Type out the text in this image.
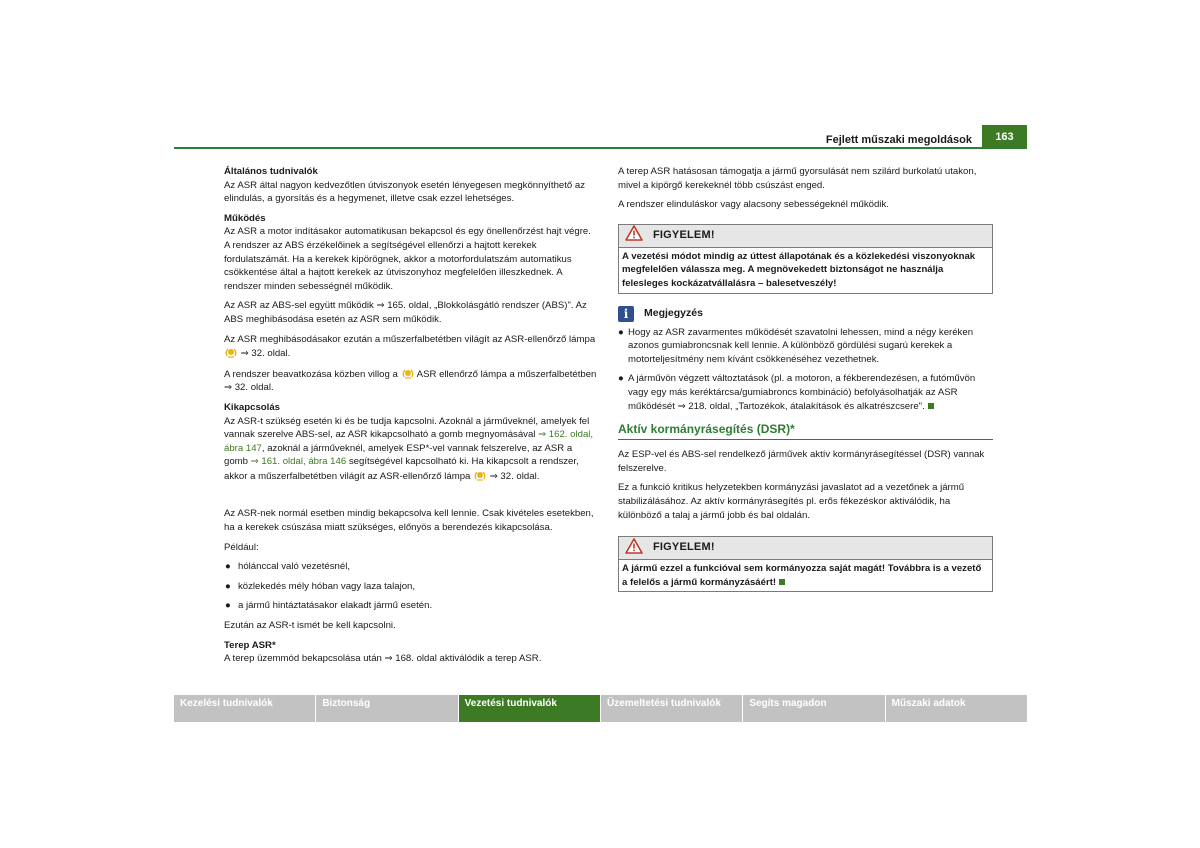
Fejlett műszaki megoldások	163

Általános tudnivalók

Az ASR által nagyon kedvezőtlen útviszonyok esetén lényegesen megkönnyíthető az elindulás, a gyorsítás és a hegymenet, illetve csak ezzel lehetséges.

Működés

Az ASR a motor indításakor automatikusan bekapcsol és egy önellenőrzést hajt végre. A rendszer az ABS érzékelőinek a segítségével ellenőrzi a hajtott kerekek fordulatszámát. Ha a kerekek kipörögnek, akkor a motorfordulatszám automatikus csökkentése által a hajtott kerekek az útviszonyhoz megfelelően illeszkednek. A rendszer minden sebességnél működik.

Az ASR az ABS-sel együtt működik ⇒ 165. oldal, „Blokkolásgátló rendszer (ABS)". Az ABS meghibásodása esetén az ASR sem működik.

Az ASR meghibásodásakor ezután a műszerfalbetétben világít az ASR-ellenőrző lámpa  ⇒ 32. oldal.

A rendszer beavatkozása közben villog a ASR ellenőrző lámpa a műszerfalbetétben ⇒ 32. oldal.

Kikapcsolás

Az ASR-t szükség esetén ki és be tudja kapcsolni. Azoknál a járműveknél, amelyek fel vannak szerelve ABS-sel, az ASR kikapcsolható a gomb megnyomásával ⇒ 162. oldal, ábra 147, azoknál a járműveknél, amelyek ESP*-vel vannak felszerelve, az ASR a gomb ⇒ 161. oldal, ábra 146 segítségével kapcsolható ki. Ha kikapcsolt a rendszer, akkor a műszerfalbetétben világít az ASR-ellenőrző lámpa ⇒ 32. oldal.

Az ASR-nek normál esetben mindig bekapcsolva kell lennie. Csak kivételes esetekben, ha a kerekek csúszása miatt szükséges, előnyös a berendezés kikapcsolása.

Például:

● hólánccal való vezetésnél,

● közlekedés mély hóban vagy laza talajon,

● a jármű hintáztatásakor elakadt jármű esetén.

Ezután az ASR-t ismét be kell kapcsolni.

Terep ASR*

A terep üzemmód bekapcsolása után ⇒ 168. oldal aktiválódik a terep ASR.

A terep ASR hatásosan támogatja a jármű gyorsulását nem szilárd burkolatú utakon, mivel a kipörgő kerekeknél több csúszást enged.

A rendszer elinduláskor vagy alacsony sebességeknél működik.

FIGYELEM!
A vezetési módot mindig az úttest állapotának és a közlekedési viszonyoknak megfelelően válassza meg. A megnövekedett biztonságot ne használja felesleges kockázatvállalásra – balesetveszély!
i	Megjegyzés

● Hogy az ASR zavarmentes működését szavatolni lehessen, mind a négy keréken azonos gumiabroncsnak kell lennie. A különböző gördülési sugarú kerekek a motorteljesítmény nem kívánt csökkenéséhez vezethetnek.

● A járművön végzett változtatások (pl. a motoron, a fékberendezésen, a futóművön vagy egy más keréktárcsa/gumiabroncs kombináció) befolyásolhatják az ASR működését ⇒ 218. oldal, „Tartozékok, átalakítások és alkatrészcsere".

Aktív kormányrásegítés (DSR)*

Az ESP-vel és ABS-sel rendelkező járművek aktív kormányrásegítéssel (DSR) vannak felszerelve.

Ez a funkció kritikus helyzetekben kormányzási javaslatot ad a vezetőnek a jármű stabilizálásához. Az aktív kormányrásegítés pl. erős fékezéskor aktiválódik, ha különböző a talaj a jármű jobb és bal oldalán.

FIGYELEM!
A jármű ezzel a funkcióval sem kormányozza saját magát! Továbbra is a vezető a felelős a jármű kormányzásáért!
Kezelési tudnivalók	Biztonság	Vezetési tudnivalók	Üzemeltetési tudnivalók	Segíts magadon	Műszaki adatok
